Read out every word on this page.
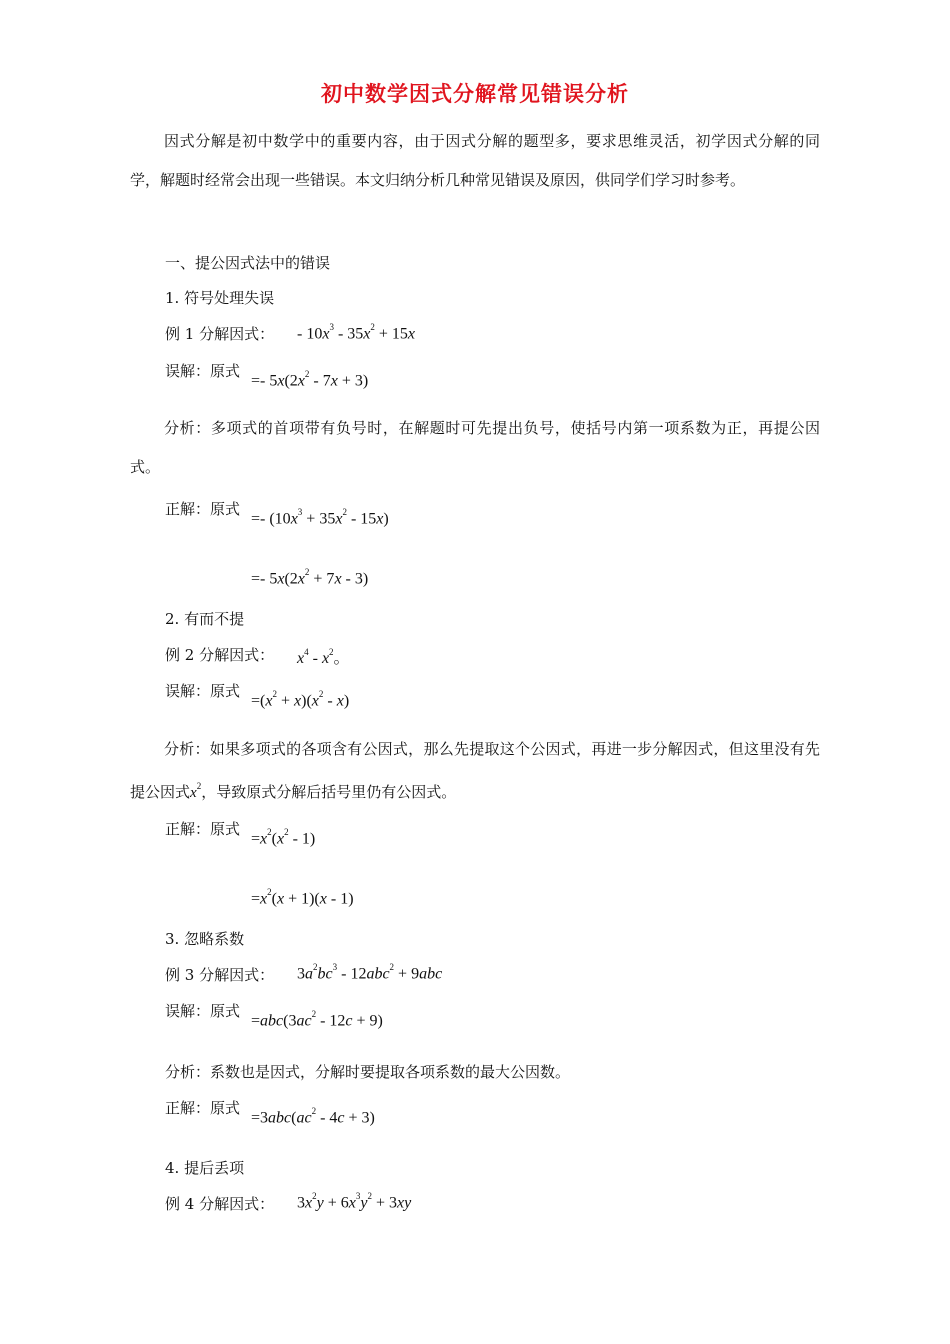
初中数学因式分解常见错误分析
因式分解是初中数学中的重要内容，由于因式分解的题型多，要求思维灵活，初学因式分解的同学，解题时经常会出现一些错误。本文归纳分析几种常见错误及原因，供同学们学习时参考。
一、提公因式法中的错误
1. 符号处理失误
例 1 分解因式： - $10x^3 - 35x^2 + 15x$
误解：原式
=- $5x(2x^2 - 7x + 3)$
分析：多项式的首项带有负号时，在解题时可先提出负号，使括号内第一项系数为正，再提公因式。
正解：原式
=- $(10x^3 + 35x^2 - 15x)$
=- $5x(2x^2 + 7x - 3)$
2. 有而不提
例 2 分解因式： $x^4 - x^2$。
误解：原式
$=(x^2 + x)(x^2 - x)$
分析：如果多项式的各项含有公因式，那么先提取这个公因式，再进一步分解因式，但这里没有先提公因式$x^2$，导致原式分解后括号里仍有公因式。
正解：原式
$=x^2(x^2 - 1)$
$=x^2(x + 1)(x - 1)$
3. 忽略系数
例 3 分解因式： $3a^2bc^3 - 12abc^2 + 9abc$
误解：原式
$=abc(3ac^2 - 12c + 9)$
分析：系数也是因式，分解时要提取各项系数的最大公因数。
正解：原式
$=3abc(ac^2 - 4c + 3)$
4. 提后丢项
例 4 分解因式： $3x^2y + 6x^3y^2 + 3xy$
